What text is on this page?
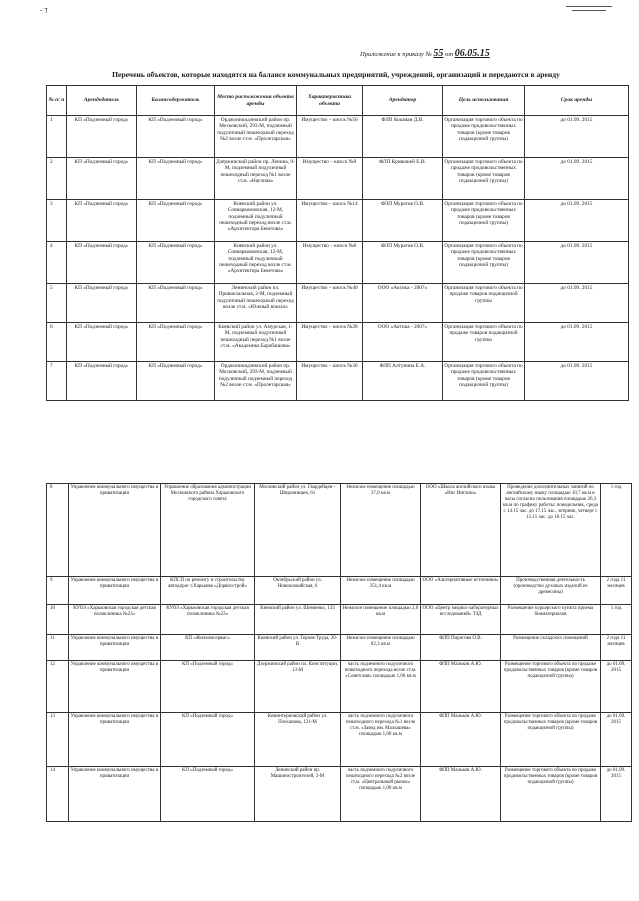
- ⁊
Приложение к приказу № 55 от 06.05.15
Перечень объектов, которые находятся на балансе коммунальных предприятий, учреждений, организаций и передаются в аренду
№ п/ п	Арендодатель	Балансодержатель	Место расположения объекта аренды	Характеристика объекта	Арендатор	Цель использования	Срок аренды
1	КП «Подземный город»	КП «Подземный город»	Орджоникидзевский район пр. Московский, 293-М, подземный подуличный пешеходный переход №2 возле ст.м. «Пролетарская»	Имущество – киоск №56	ФЛП Кошман Д.В.	Организация торгового объекта по продаже продовольственных товаров (кроме товаров подакцизной группы)	до 01.09. 2015
2	КП «Подземный город»	КП «Подземный город»	Дзержинский район пр. Ленина, 9-М, подземный подуличный пешеходный переход №1 возле ст.м. «Научная»	Имущество – киоск №9	ФЛП Кривошей Е.И.	Организация торгового объекта по продаже продовольственных товаров (кроме товаров подакцизной группы)	до 01.09. 2015
3	КП «Подземный город»	КП «Подземный город»	Киевский район ул. Совнаркомовская, 12-М, подземный подуличный пешеходный переход возле ст.м. «Архитектора Бекетова»	Имущество – киоск №14	ФЛП Муратов О.В.	Организация торгового объекта по продаже продовольственных товаров (кроме товаров подакцизной группы)	до 01.09. 2015
4	КП «Подземный город»	КП «Подземный город»	Киевский район ул. Совнаркомовская, 12-М, подземный подуличный пешеходный переход возле ст.м. «Архитектора Бекетова»	Имущество – киоск №6	ФЛП Муратов О.В.	Организация торгового объекта по продаже продовольственных товаров (кроме товаров подакцизной группы)	до 01.09. 2015
5	КП «Подземный город»	КП «Подземный город»	Ленинский район пл. Привокзальная, 2-М, подземный подуличный пешеходный переход возле ст.м. «Южный вокзал»	Имущество – киоск №40	ООО «Актика - 2007»	Организация торгового объекта по продаже товаров подакцизной группы	до 01.09. 2015
6	КП «Подземный город»	КП «Подземный город»	Киевский район ул. Амурская, 1-М, подземный подуличный пешеходный переход №1 возле ст.м. «Академика Барабашова»	Имущество – киоск №28	ООО «Актика - 2007»	Организация торгового объекта по продаже товаров подакцизной группы	до 01.09. 2015
7	КП «Подземный город»	КП «Подземный город»	Орджоникидзевский район пр. Московский, 293-М, подземный подуличный подземный переход №2 возле ст.м. «Пролетарская»	Имущество – киоск №30	ФЛП Алтунина Е.А.	Организация торгового объекта по продаже продовольственных товаров (кроме товаров подакцизной группы)	до 01.09. 2015
8	Управление коммунального имущества и приватизации	Управление образования администрации Московского района Харьковского городского совета	Московский район ул. Гвардейцев – Широнинцев, 61	Нежилое помещение площадью 37,0 кв.м	ООО «Школа английского языка «Инг Инглиш»	Проведение дополнительных занятий по английскому языку площадью 10,7 кв.м в часы согласно пользования площадью 26,3 кв.м по графику работы: понедельник, среда с 14.15 час. до 17.15 час., вторник, четверг с 13.15 час. до 16.15 час.	1 год
9	Управление коммунального имущества и приватизации	КПСП по ремонту и строительству автодорог г.Харькова «Дорвосстрой»	Октябрьский район ул. Новоиловайская, 6	Нежилое помещение площадью 351,4 кв.м	ООО «Альтернативные источники»	Производственная деятельность (производство духовых изделий из древесины)	2 года 11 месяцев
10	КУОЗ «Харьковская городская детская поликлиника №23»	КУОЗ «Харьковская городская детская поликлиника №23»	Киевский район ул. Шевченко, 133	Нежилое помещение площадью 2,0 кв.м	ООО «Центр медико-лабораторных исследований» ТЗД	Размещение курьерского пункта приема биоматериалов	1 год
11	Управление коммунального имущества и приватизации	КП «Жилкомсервис»	Киевский район ул. Героев Труда, 20-В	Нежилое помещение площадью 82,3 кв.м	ФЛП Пирогова О.В.	Размещение складских помещений	2 года 11 месяцев
12	Управление коммунального имущества и приватизации	КП «Подземный город»	Дзержинский район пл. Конституции, 13-М	часть подземного подуличного пешеходного перехода возле ст.м. «Советская» площадью 1,00 кв.м	ФЛП Мальков А.Ю.	Размещение торгового объекта по продаже продовольственных товаров (кроме товаров подакцизной группы)	до 01.09. 2015
13	Управление коммунального имущества и приватизации	КП «Подземный город»	Коминтерновский район ул. Плеханова, 121-М	часть подземного подуличного пешеходного перехода №1 возле ст.м. «Завод им. Малышева» площадью 1,00 кв.м	ФЛП Мальков А.Ю.	Размещение торгового объекта по продаже продовольственных товаров (кроме товаров подакцизной группы)	до 01.09. 2015
14	Управление коммунального имущества и приватизации	КП «Подземный город»	Ленинский район пр. Машиностроителей, 2-М	часть подземного подуличного пешеходного перехода №2 возле ст.м. «Центральный рынок» площадью 1,00 кв.м	ФЛП Мальков А.Ю.	Размещение торгового объекта по продаже продовольственных товаров (кроме товаров подакцизной группы)	до 01.09. 2015
